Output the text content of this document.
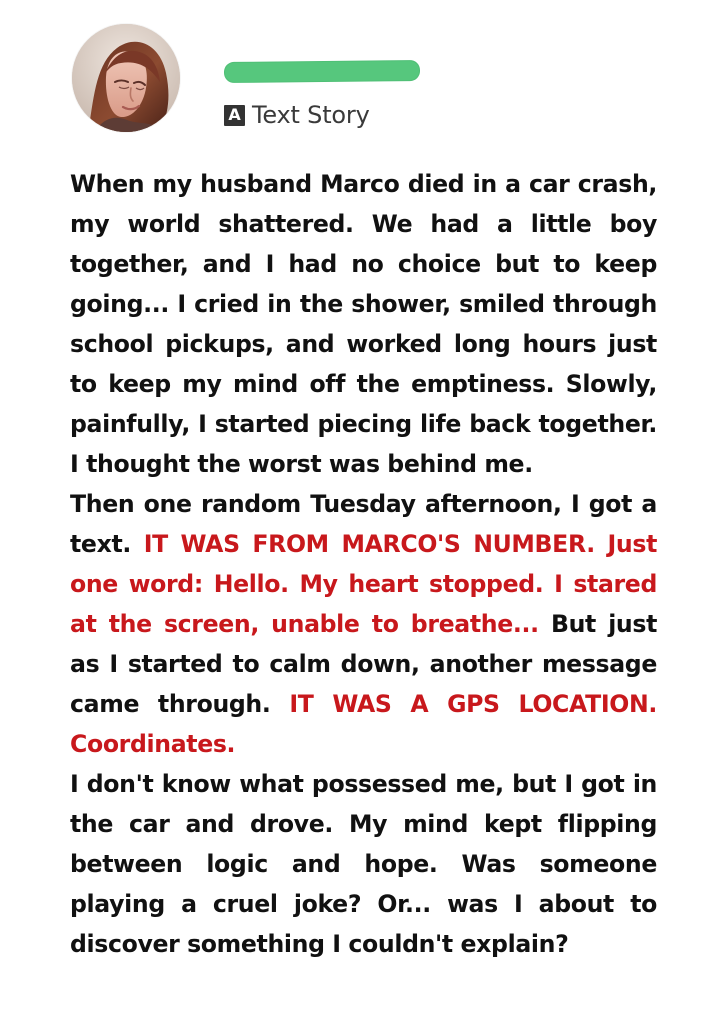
A Text Story

When my husband Marco died in a car crash, my world shattered. We had a little boy together, and I had no choice but to keep going... I cried in the shower, smiled through school pickups, and worked long hours just to keep my mind off the emptiness. Slowly, painfully, I started piecing life back together. I thought the worst was behind me.

Then one random Tuesday afternoon, I got a text. IT WAS FROM MARCO'S NUMBER. Just one word: Hello. My heart stopped. I stared at the screen, unable to breathe... But just as I started to calm down, another message came through. IT WAS A GPS LOCATION. Coordinates.

I don't know what possessed me, but I got in the car and drove. My mind kept flipping between logic and hope. Was someone playing a cruel joke? Or... was I about to discover something I couldn't explain?
